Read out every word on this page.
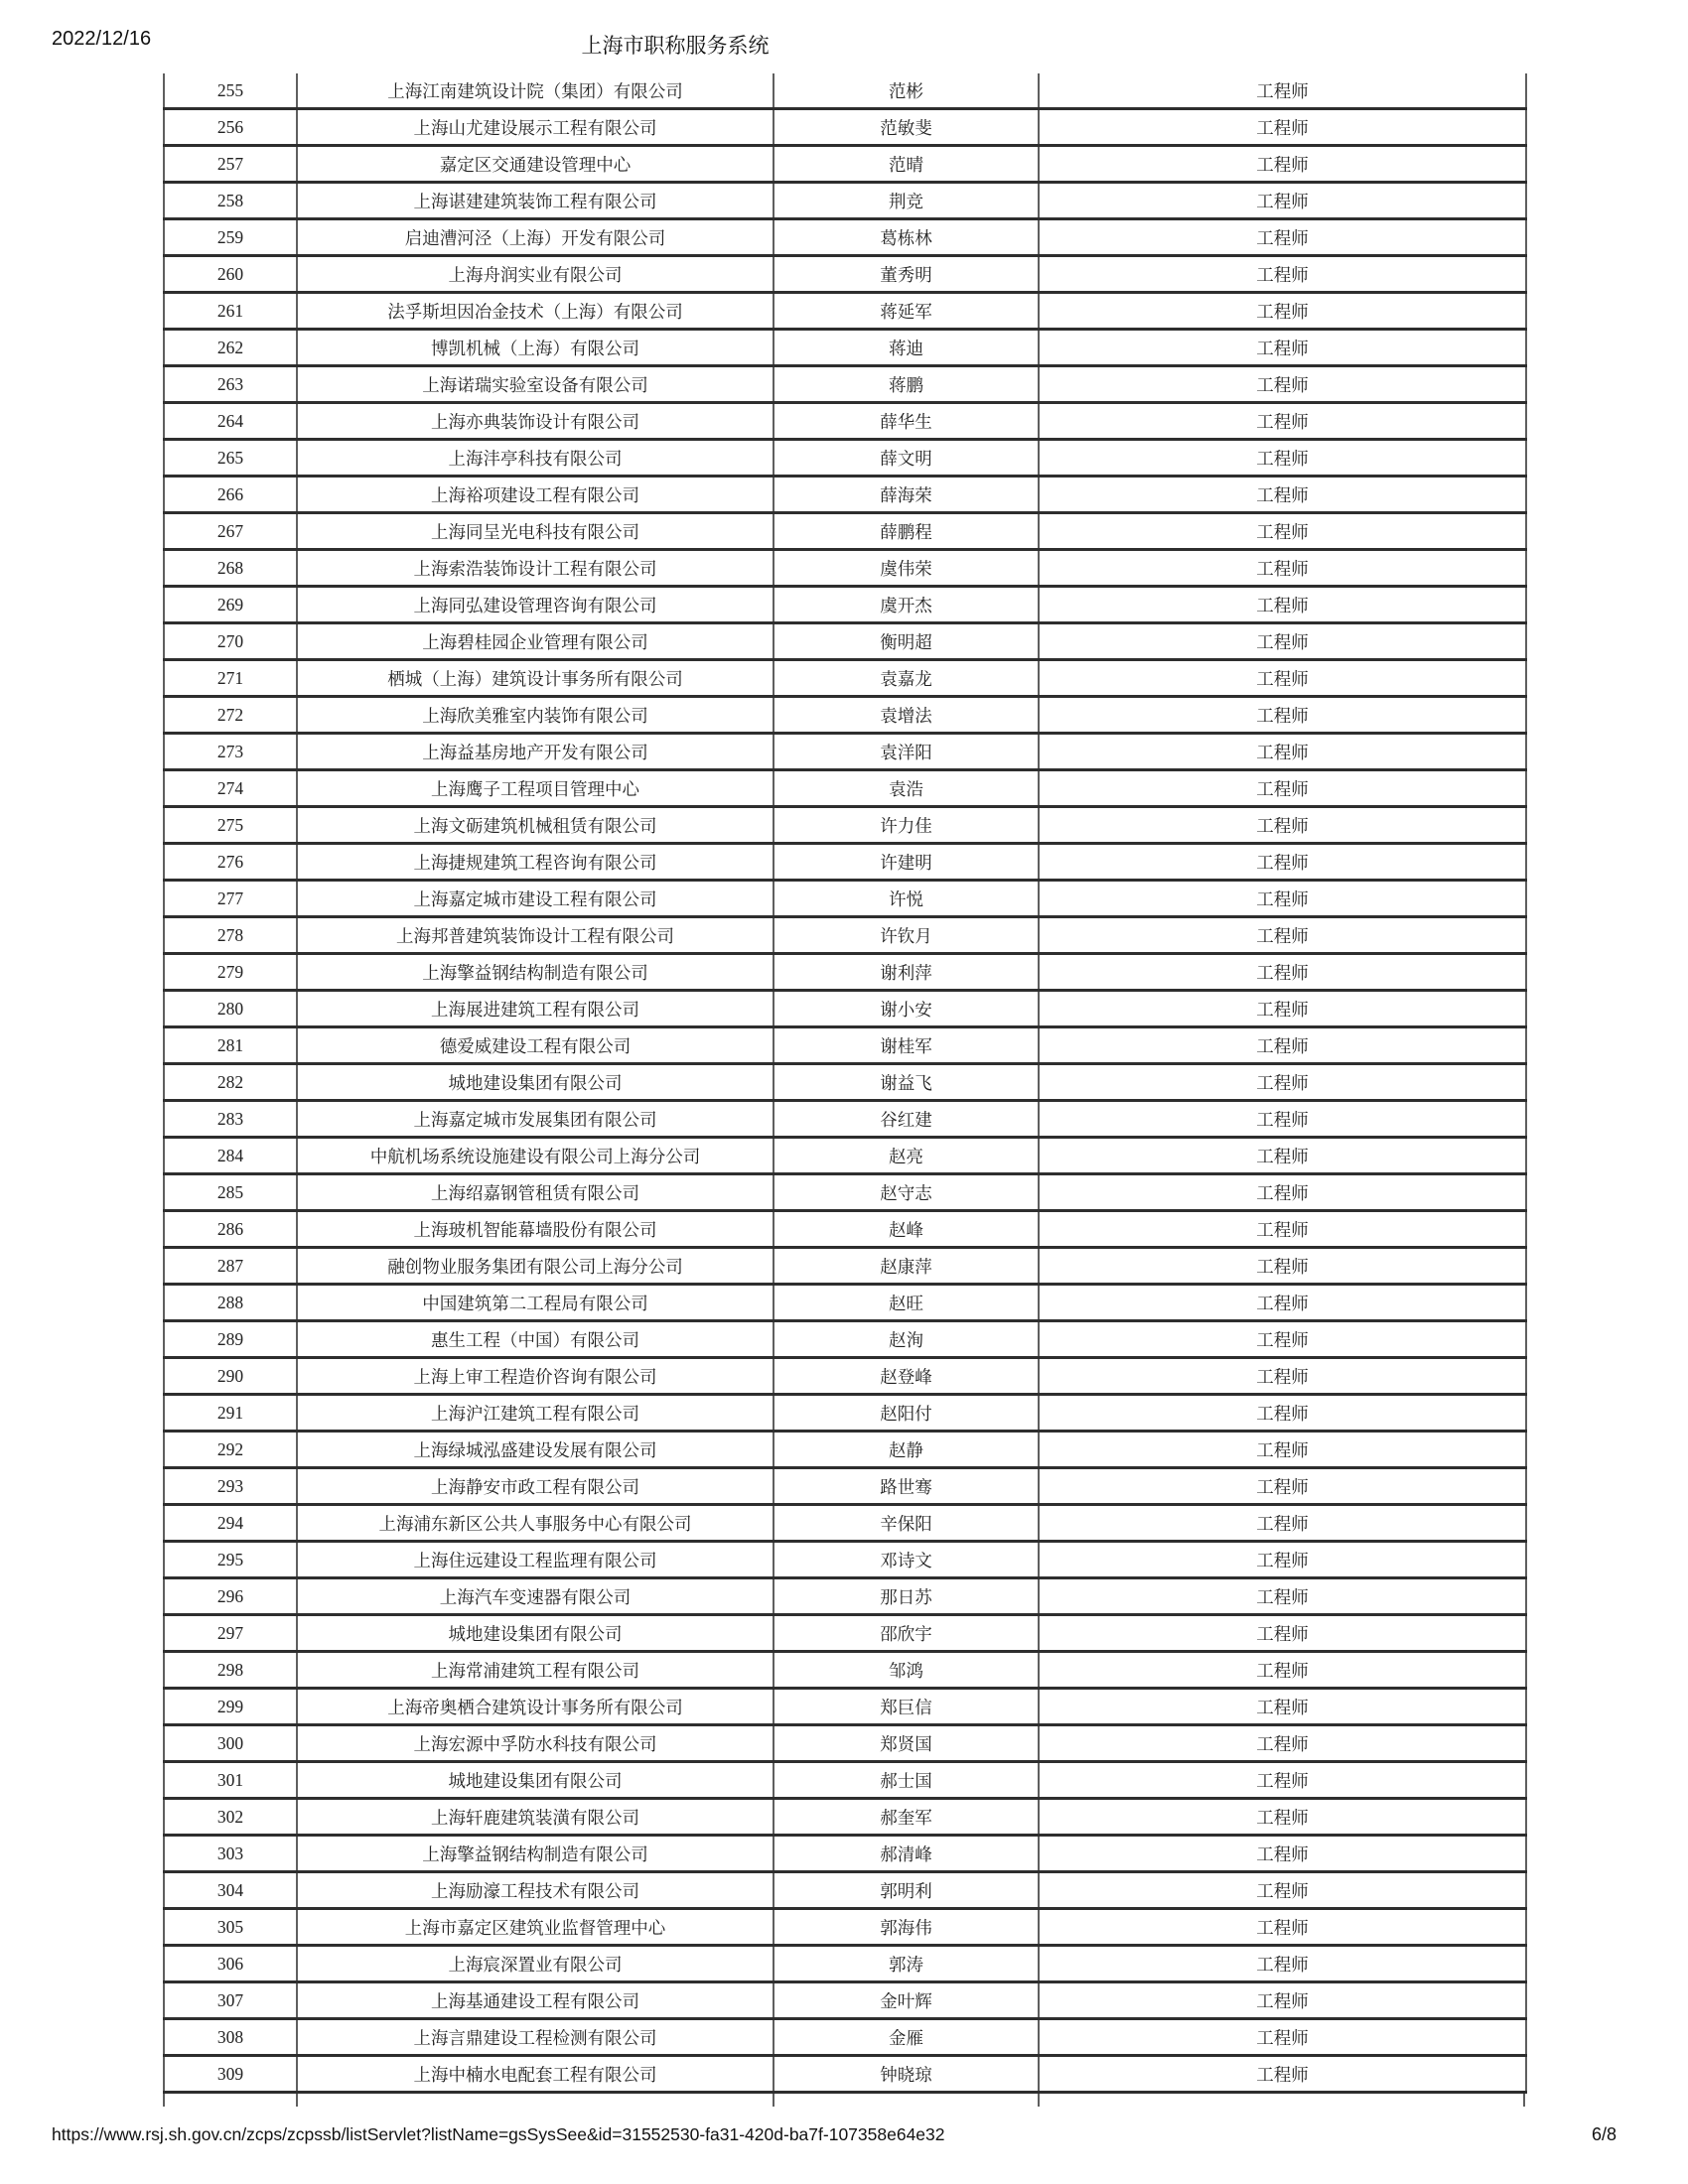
2022/12/16	上海市职称服务系统
255	上海江南建筑设计院（集团）有限公司	范彬	工程师
256	上海山尤建设展示工程有限公司	范敏斐	工程师
257	嘉定区交通建设管理中心	范晴	工程师
258	上海谌建建筑装饰工程有限公司	荆竞	工程师
259	启迪漕河泾（上海）开发有限公司	葛栋林	工程师
260	上海舟润实业有限公司	董秀明	工程师
261	法孚斯坦因冶金技术（上海）有限公司	蒋延军	工程师
262	博凯机械（上海）有限公司	蒋迪	工程师
263	上海诺瑞实验室设备有限公司	蒋鹏	工程师
264	上海亦典装饰设计有限公司	薛华生	工程师
265	上海沣亭科技有限公司	薛文明	工程师
266	上海裕项建设工程有限公司	薛海荣	工程师
267	上海同呈光电科技有限公司	薛鹏程	工程师
268	上海索浩装饰设计工程有限公司	虞伟荣	工程师
269	上海同弘建设管理咨询有限公司	虞开杰	工程师
270	上海碧桂园企业管理有限公司	衡明超	工程师
271	栖城（上海）建筑设计事务所有限公司	袁嘉龙	工程师
272	上海欣美雅室内装饰有限公司	袁增法	工程师
273	上海益基房地产开发有限公司	袁洋阳	工程师
274	上海鹰子工程项目管理中心	袁浩	工程师
275	上海文砺建筑机械租赁有限公司	许力佳	工程师
276	上海捷规建筑工程咨询有限公司	许建明	工程师
277	上海嘉定城市建设工程有限公司	许悦	工程师
278	上海邦普建筑装饰设计工程有限公司	许钦月	工程师
279	上海擎益钢结构制造有限公司	谢利萍	工程师
280	上海展进建筑工程有限公司	谢小安	工程师
281	德爱威建设工程有限公司	谢桂军	工程师
282	城地建设集团有限公司	谢益飞	工程师
283	上海嘉定城市发展集团有限公司	谷红建	工程师
284	中航机场系统设施建设有限公司上海分公司	赵亮	工程师
285	上海绍嘉钢管租赁有限公司	赵守志	工程师
286	上海玻机智能幕墙股份有限公司	赵峰	工程师
287	融创物业服务集团有限公司上海分公司	赵康萍	工程师
288	中国建筑第二工程局有限公司	赵旺	工程师
289	惠生工程（中国）有限公司	赵洵	工程师
290	上海上审工程造价咨询有限公司	赵登峰	工程师
291	上海沪江建筑工程有限公司	赵阳付	工程师
292	上海绿城泓盛建设发展有限公司	赵静	工程师
293	上海静安市政工程有限公司	路世骞	工程师
294	上海浦东新区公共人事服务中心有限公司	辛保阳	工程师
295	上海住远建设工程监理有限公司	邓诗文	工程师
296	上海汽车变速器有限公司	那日苏	工程师
297	城地建设集团有限公司	邵欣宇	工程师
298	上海常浦建筑工程有限公司	邹鸿	工程师
299	上海帝奥栖合建筑设计事务所有限公司	郑巨信	工程师
300	上海宏源中孚防水科技有限公司	郑贤国	工程师
301	城地建设集团有限公司	郝士国	工程师
302	上海轩鹿建筑装潢有限公司	郝奎军	工程师
303	上海擎益钢结构制造有限公司	郝清峰	工程师
304	上海励濠工程技术有限公司	郭明利	工程师
305	上海市嘉定区建筑业监督管理中心	郭海伟	工程师
306	上海宸深置业有限公司	郭涛	工程师
307	上海基通建设工程有限公司	金叶辉	工程师
308	上海言鼎建设工程检测有限公司	金雁	工程师
309	上海中楠水电配套工程有限公司	钟晓琼	工程师
https://www.rsj.sh.gov.cn/zcps/zcpssb/listServlet?listName=gsSysSee&id=31552530-fa31-420d-ba7f-107358e64e32	6/8
